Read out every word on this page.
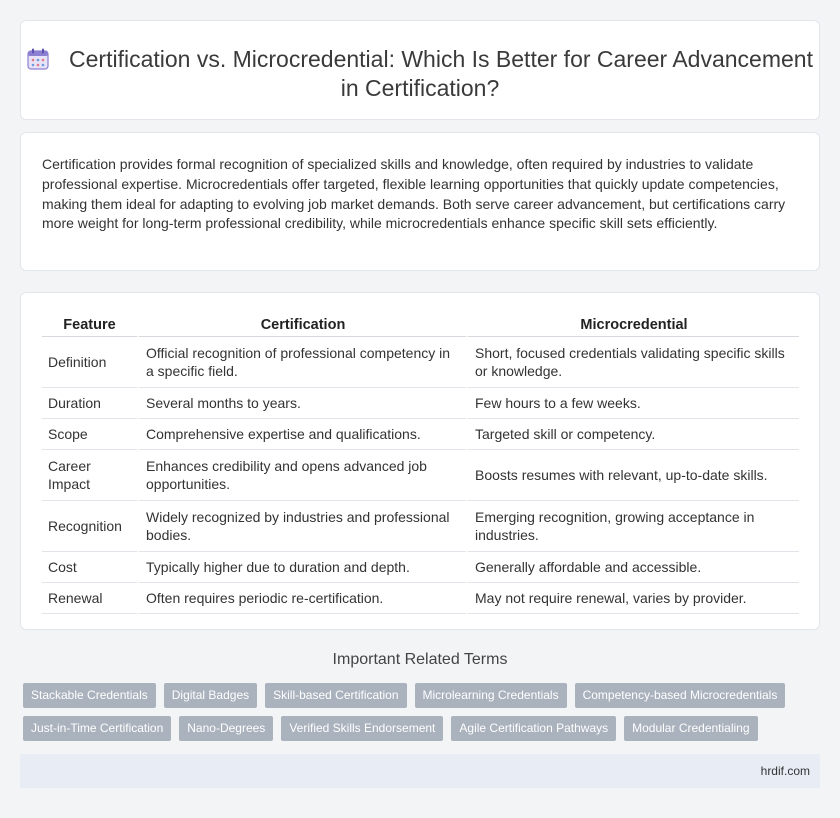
Certification vs. Microcredential: Which Is Better for Career Advancement in Certification?

Certification provides formal recognition of specialized skills and knowledge, often required by industries to validate professional expertise. Microcredentials offer targeted, flexible learning opportunities that quickly update competencies, making them ideal for adapting to evolving job market demands. Both serve career advancement, but certifications carry more weight for long-term professional credibility, while microcredentials enhance specific skill sets efficiently.

Feature	Certification	Microcredential
Definition	Official recognition of professional competency in a specific field.	Short, focused credentials validating specific skills or knowledge.
Duration	Several months to years.	Few hours to a few weeks.
Scope	Comprehensive expertise and qualifications.	Targeted skill or competency.
Career Impact	Enhances credibility and opens advanced job opportunities.	Boosts resumes with relevant, up-to-date skills.
Recognition	Widely recognized by industries and professional bodies.	Emerging recognition, growing acceptance in industries.
Cost	Typically higher due to duration and depth.	Generally affordable and accessible.
Renewal	Often requires periodic re-certification.	May not require renewal, varies by provider.
Important Related Terms
Stackable Credentials	Digital Badges	Skill-based Certification	Microlearning Credentials	Competency-based Microcredentials
Just-in-Time Certification	Nano-Degrees	Verified Skills Endorsement	Agile Certification Pathways	Modular Credentialing
hrdif.com
